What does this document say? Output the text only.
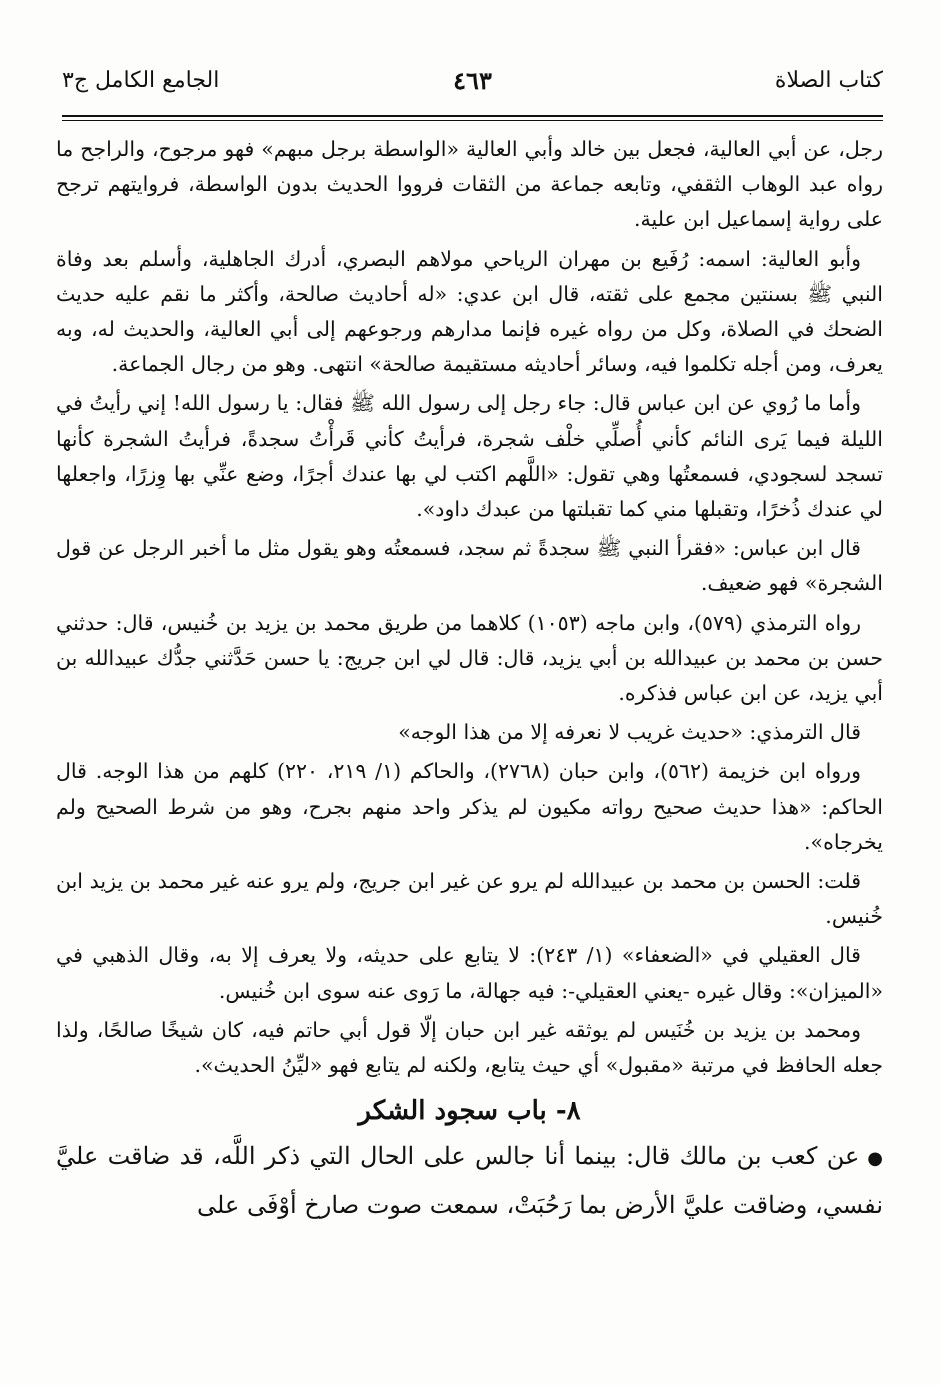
كتاب الصلاة
٤٦٣
الجامع الكامل ج٣

رجل، عن أبي العالية، فجعل بين خالد وأبي العالية «الواسطة برجل مبهم» فهو مرجوح، والراجح ما رواه عبد الوهاب الثقفي، وتابعه جماعة من الثقات فرووا الحديث بدون الواسطة، فروايتهم ترجح على رواية إسماعيل ابن علية.

وأبو العالية: اسمه: رُفَيع بن مهران الرياحي مولاهم البصري، أدرك الجاهلية، وأسلم بعد وفاة النبي ﷺ بسنتين مجمع على ثقته، قال ابن عدي: «له أحاديث صالحة، وأكثر ما نقم عليه حديث الضحك في الصلاة، وكل من رواه غيره فإنما مدارهم ورجوعهم إلى أبي العالية، والحديث له، وبه يعرف، ومن أجله تكلموا فيه، وسائر أحاديثه مستقيمة صالحة» انتهى. وهو من رجال الجماعة.

وأما ما رُوي عن ابن عباس قال: جاء رجل إلى رسول الله ﷺ فقال: يا رسول الله! إني رأيتُ في الليلة فيما يَرى النائم كأني أُصلِّي خلْف شجرة، فرأيتُ كأني قَرأْتُ سجدةً، فرأيتُ الشجرة كأنها تسجد لسجودي، فسمعتُها وهي تقول: «اللَّهم اكتب لي بها عندك أجرًا، وضع عنِّي بها وِزرًا، واجعلها لي عندك ذُخرًا، وتقبلها مني كما تقبلتها من عبدك داود».

قال ابن عباس: «فقرأ النبي ﷺ سجدةً ثم سجد، فسمعتُه وهو يقول مثل ما أخبر الرجل عن قول الشجرة» فهو ضعيف.

رواه الترمذي (٥٧٩)، وابن ماجه (١٠٥٣) كلاهما من طريق محمد بن يزيد بن خُنيس، قال: حدثني حسن بن محمد بن عبيدالله بن أبي يزيد، قال: قال لي ابن جريج: يا حسن حَدَّثني جدُّك عبيدالله بن أبي يزيد، عن ابن عباس فذكره.

قال الترمذي: «حديث غريب لا نعرفه إلا من هذا الوجه»

ورواه ابن خزيمة (٥٦٢)، وابن حبان (٢٧٦٨)، والحاكم (١/ ٢١٩، ٢٢٠) كلهم من هذا الوجه. قال الحاكم: «هذا حديث صحيح رواته مكيون لم يذكر واحد منهم بجرح، وهو من شرط الصحيح ولم يخرجاه».

قلت: الحسن بن محمد بن عبيدالله لم يرو عن غير ابن جريج، ولم يرو عنه غير محمد بن يزيد ابن خُنيس.

قال العقيلي في «الضعفاء» (١/ ٢٤٣): لا يتابع على حديثه، ولا يعرف إلا به، وقال الذهبي في «الميزان»: وقال غيره -يعني العقيلي-: فيه جهالة، ما رَوى عنه سوى ابن خُنيس.

ومحمد بن يزيد بن خُنَيس لم يوثقه غير ابن حبان إلّا قول أبي حاتم فيه، كان شيخًا صالحًا، ولذا جعله الحافظ في مرتبة «مقبول» أي حيث يتابع، ولكنه لم يتابع فهو «ليِّنُ الحديث».

٨- باب سجود الشكر

●عن كعب بن مالك قال: بينما أنا جالس على الحال التي ذكر اللَّه، قد ضاقت عليَّ نفسي، وضاقت عليَّ الأرض بما رَحُبَتْ، سمعت صوت صارخ أوْفَى على
